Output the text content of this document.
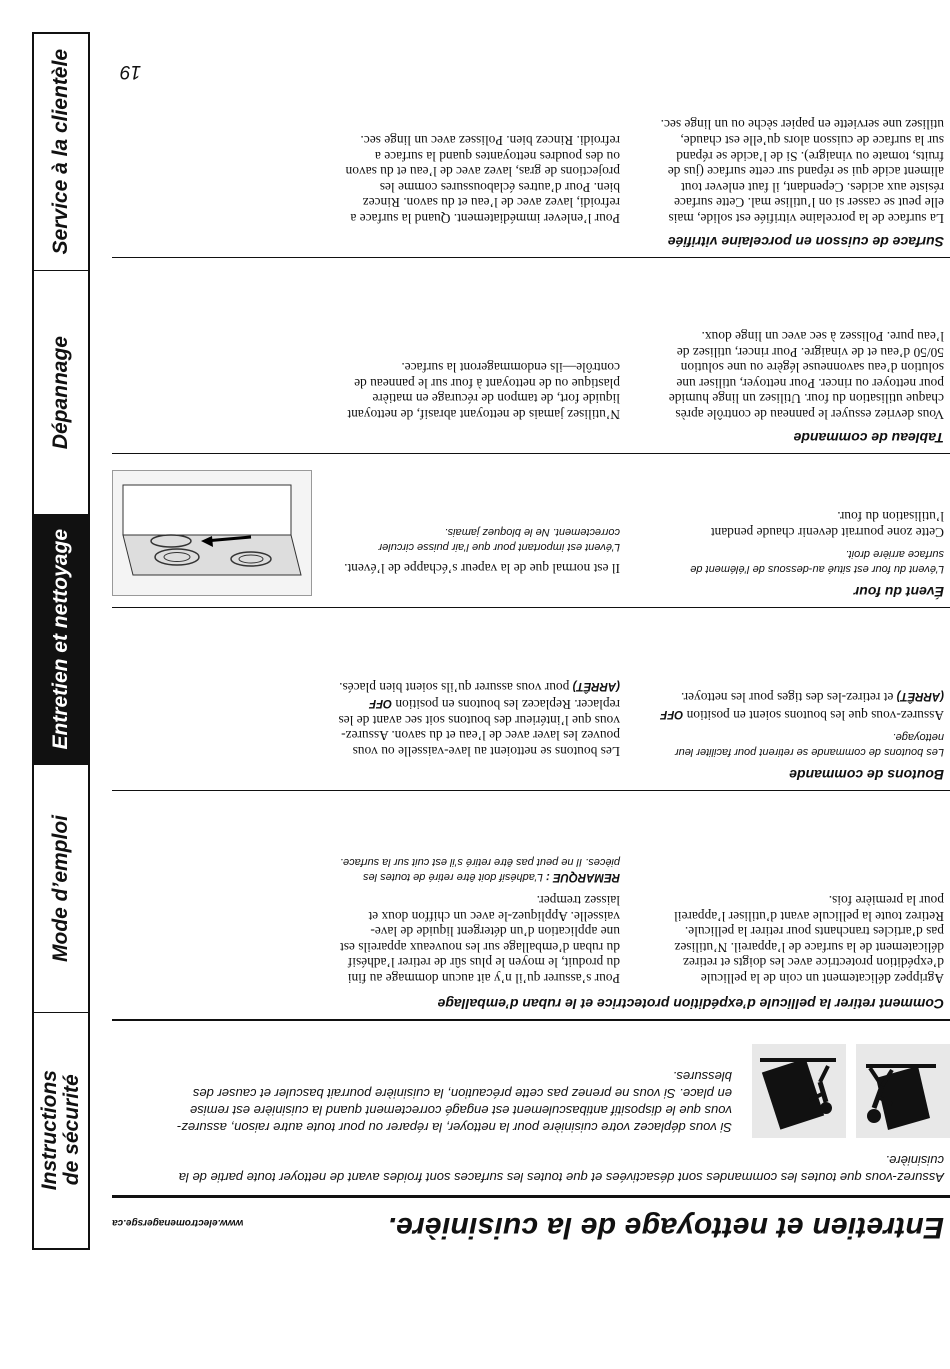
Service à la clientèle
Dépannage
Entretien et nettoyage
Mode d’emploi
Instructions de sécurité
Entretien et nettoyage de la cuisinière.
www.electromenagersge.ca
Assurez-vous que toutes les commandes sont désactivées et que toutes les surfaces sont froides avant de nettoyer toute partie de la cuisinière.
Si vous déplacez votre cuisinière pour la nettoyer, la réparer ou pour toute autre raison, assurez-vous que le dispositif antibasculement est engagé correctement quand la cuisinière est remise en place. Si vous ne prenez pas cette précaution, la cuisinière pourrait basculer et causer des blessures.
Comment retirer la pellicule d’expédition protectrice et le ruban d’emballage
Agrippez délicatement un coin de la pellicule d’expédition protectrice avec les doigts et retirez délicatement de la surface de l’appareil. N’utilisez pas d’articles tranchants pour retirer la pellicule. Retirez toute la pellicule avant d’utiliser l’appareil pour la première fois.

Pour s’assurer qu’il n’y ait aucun dommage au fini du produit, le moyen le plus sûr de retirer l’adhésif du ruban d’emballage sur les nouveaux appareils est une application d’un détergent liquide de lave-vaisselle. Appliquez-le avec un chiffon doux et laissez tremper.

REMARQUE : L’adhésif doit être retiré de toutes les pièces. Il ne peut pas être retiré s’il est cuit sur la surface.

Boutons de commande

Les boutons de commande se retirent pour faciliter leur nettoyage.

Assurez-vous que les boutons soient en position OFF (ARRÊT) et retirez-les des tiges pour les nettoyer.

Les boutons se nettoient au lave-vaisselle ou vous pouvez les laver avec de l’eau et du savon. Assurez-vous que l’intérieur des boutons soit sec avant de les replacer. Replacez les boutons en position OFF (ARRÊT) pour vous assurer qu’ils soient bien placés.

Évent du four

L’évent du four est situé au-dessous de l’élément de surface arrière droit.

Cette zone pourrait devenir chaude pendant l’utilisation du four.

Il est normal que de la vapeur s’échappe de l’évent.

L’évent est important pour que l’air puisse circuler correctement. Ne le bloquez jamais.

Tableau de commande
Vous devriez essuyer le panneau de contrôle après chaque utilisation du four. Utilisez un linge humide pour nettoyer ou rincer. Pour nettoyer, utiliser une solution d’eau savonneuse légère ou une solution 50/50 d’eau et de vinaigre. Pour rincer, utilisez de l’eau pure. Polissez à sec avec un linge doux.
N’utilisez jamais de nettoyant abrasif, de nettoyant liquide fort, de tampon de récurage en matière plastique ou de nettoyant à four sur le panneau de contrôle—ils endommageront la surface.
Surface de cuisson en porcelaine vitrifiée
La surface de la porcelaine vitrifiée est solide, mais elle peut se casser si on l’utilise mal. Cette surface résiste aux acides. Cependant, il faut enlever tout aliment acide qui se répand sur cette surface (jus de fruits, tomate ou vinaigre). Si de l’acide se répand sur la surface de cuisson alors qu’elle est chaude, utilisez une serviette en papier sèche ou un linge sec.
Pour l’enlever immédiatement. Quand la surface a refroidi, lavez avec de l’eau et du savon. Rincez bien. Pour d’autres éclaboussures comme les projections de gras, lavez avec de l’eau et du savon ou des poudres nettoyantes quand la surface a refroidi. Rincez bien. Polissez avec un linge sec.
19
